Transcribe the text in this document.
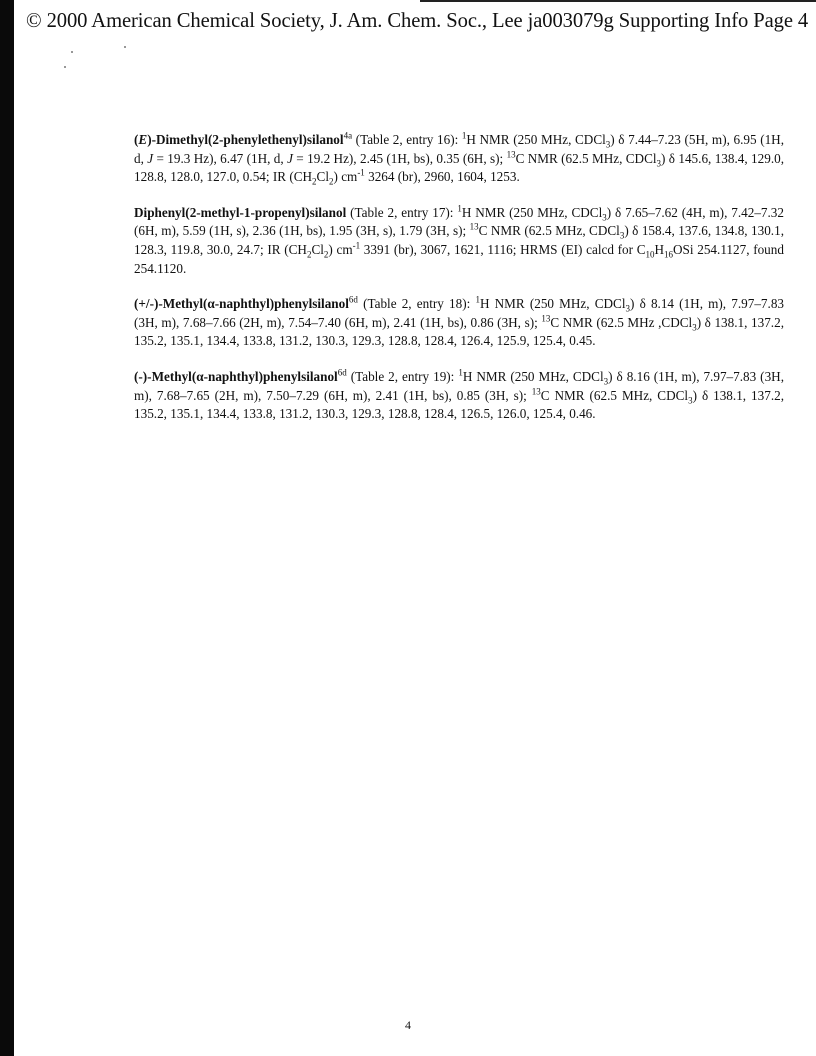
© 2000 American Chemical Society, J. Am. Chem. Soc., Lee ja003079g Supporting Info Page 4

(E)-Dimethyl(2-phenylethenyl)silanol$^{4a}$ (Table 2, entry 16): $^1$H NMR (250 MHz, CDCl$_3$) δ 7.44–7.23 (5H, m), 6.95 (1H, d, J = 19.3 Hz), 6.47 (1H, d, J = 19.2 Hz), 2.45 (1H, bs), 0.35 (6H, s); $^{13}$C NMR (62.5 MHz, CDCl$_3$) δ 145.6, 138.4, 129.0, 128.8, 128.0, 127.0, 0.54; IR $(CH_2Cl_2)$ $cm^{-1}$ 3264 (br), 2960, 1604, 1253.

Diphenyl(2-methyl-1-propenyl)silanol (Table 2, entry 17): $^1$H NMR (250 MHz, CDCl$_3$) δ 7.65–7.62 (4H, m), 7.42–7.32 (6H, m), 5.59 (1H, s), 2.36 (1H, bs), 1.95 (3H, s), 1.79 (3H, s); $^{13}$C NMR (62.5 MHz, CDCl$_3$) δ 158.4, 137.6, 134.8, 130.1, 128.3, 119.8, 30.0, 24.7; IR $(CH_2Cl_2)$ $cm^{-1}$ 3391 (br), 3067, 1621, 1116; HRMS (EI) calcd for $C_{10}H_{16}OSi$ 254.1127, found 254.1120.

(+/-)-Methyl(α-naphthyl)phenylsilanol$^{6d}$ (Table 2, entry 18): $^1$H NMR (250 MHz, CDCl$_3$) δ 8.14 (1H, m), 7.97–7.83 (3H, m), 7.68–7.66 (2H, m), 7.54–7.40 (6H, m), 2.41 (1H, bs), 0.86 (3H, s); $^{13}$C NMR (62.5 MHz ,CDCl$_3$) δ 138.1, 137.2, 135.2, 135.1, 134.4, 133.8, 131.2, 130.3, 129.3, 128.8, 128.4, 126.4, 125.9, 125.4, 0.45.

(-)-Methyl(α-naphthyl)phenylsilanol$^{6d}$ (Table 2, entry 19): $^1$H NMR (250 MHz, CDCl$_3$) δ 8.16 (1H, m), 7.97–7.83 (3H, m), 7.68–7.65 (2H, m), 7.50–7.29 (6H, m), 2.41 (1H, bs), 0.85 (3H, s); $^{13}$C NMR (62.5 MHz, CDCl$_3$) δ 138.1, 137.2, 135.2, 135.1, 134.4, 133.8, 131.2, 130.3, 129.3, 128.8, 128.4, 126.5, 126.0, 125.4, 0.46.

4
